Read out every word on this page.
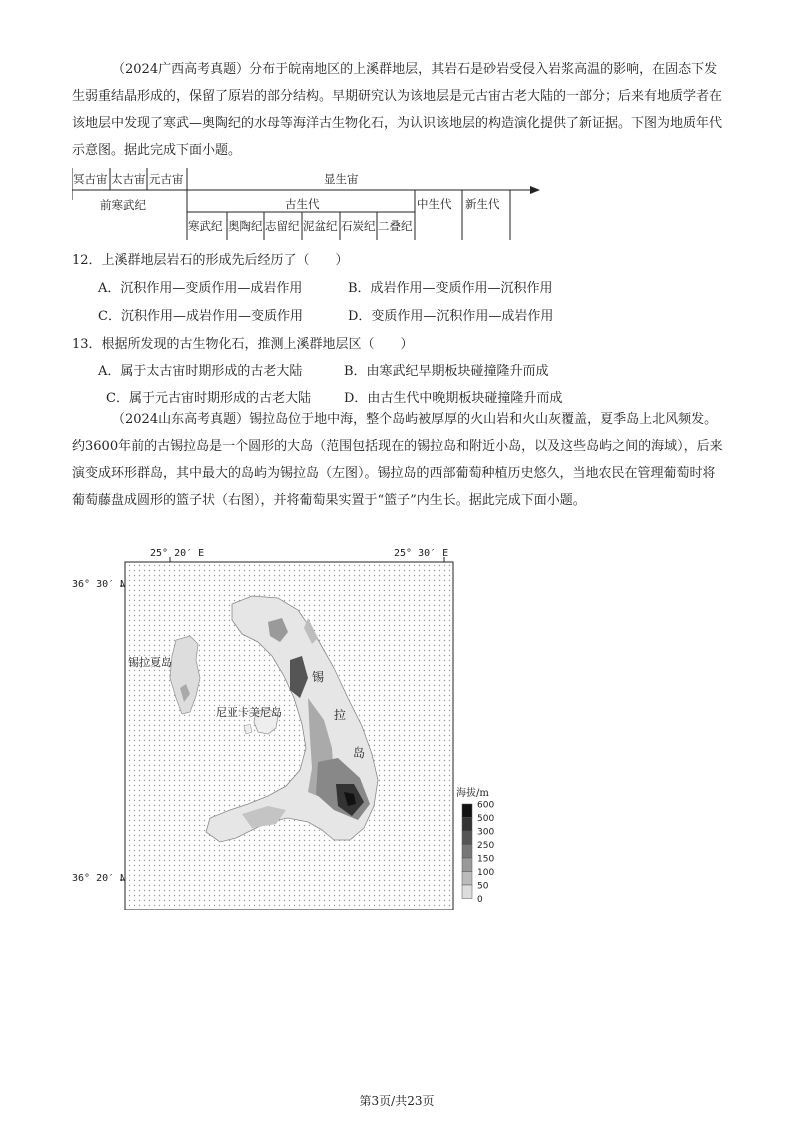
（2024广西高考真题）分布于皖南地区的上溪群地层，其岩石是砂岩受侵入岩浆高温的影响，在固态下发生弱重结晶形成的，保留了原岩的部分结构。早期研究认为该地层是元古宙古老大陆的一部分；后来有地质学者在该地层中发现了寒武—奥陶纪的水母等海洋古生物化石，为认识该地层的构造演化提供了新证据。下图为地质年代示意图。据此完成下面小题。
冥古宙 太古宙 元古宙	显生宙
前寒武纪	古生代	中生代 新生代
寒武纪 奥陶纪 志留纪 泥盆纪 石炭纪 二叠纪
12．上溪群地层岩石的形成先后经历了（　　）
A．沉积作用—变质作用—成岩作用	B．成岩作用—变质作用—沉积作用
C．沉积作用—成岩作用—变质作用	D．变质作用—沉积作用—成岩作用
13．根据所发现的古生物化石，推测上溪群地层区（　　）
A．属于太古宙时期形成的古老大陆	B．由寒武纪早期板块碰撞隆升而成
C．属于元古宙时期形成的古老大陆	D．由古生代中晚期板块碰撞隆升而成
（2024山东高考真题）锡拉岛位于地中海，整个岛屿被厚厚的火山岩和火山灰覆盖，夏季岛上北风频发。约3600年前的古锡拉岛是一个圆形的大岛（范围包括现在的锡拉岛和附近小岛，以及这些岛屿之间的海域），后来演变成环形群岛，其中最大的岛屿为锡拉岛（左图）。锡拉岛的西部葡萄种植历史悠久，当地农民在管理葡萄时将葡萄藤盘成圆形的篮子状（右图），并将葡萄果实置于“篮子”内生长。据此完成下面小题。
25° 20′ E	25° 30′ E
36° 30′ N
36° 20′ N
锡拉夏岛
尼亚卡美尼岛
锡
拉
岛
海拔/m
600
500
300
250
150
100
50
0
第3页/共23页
